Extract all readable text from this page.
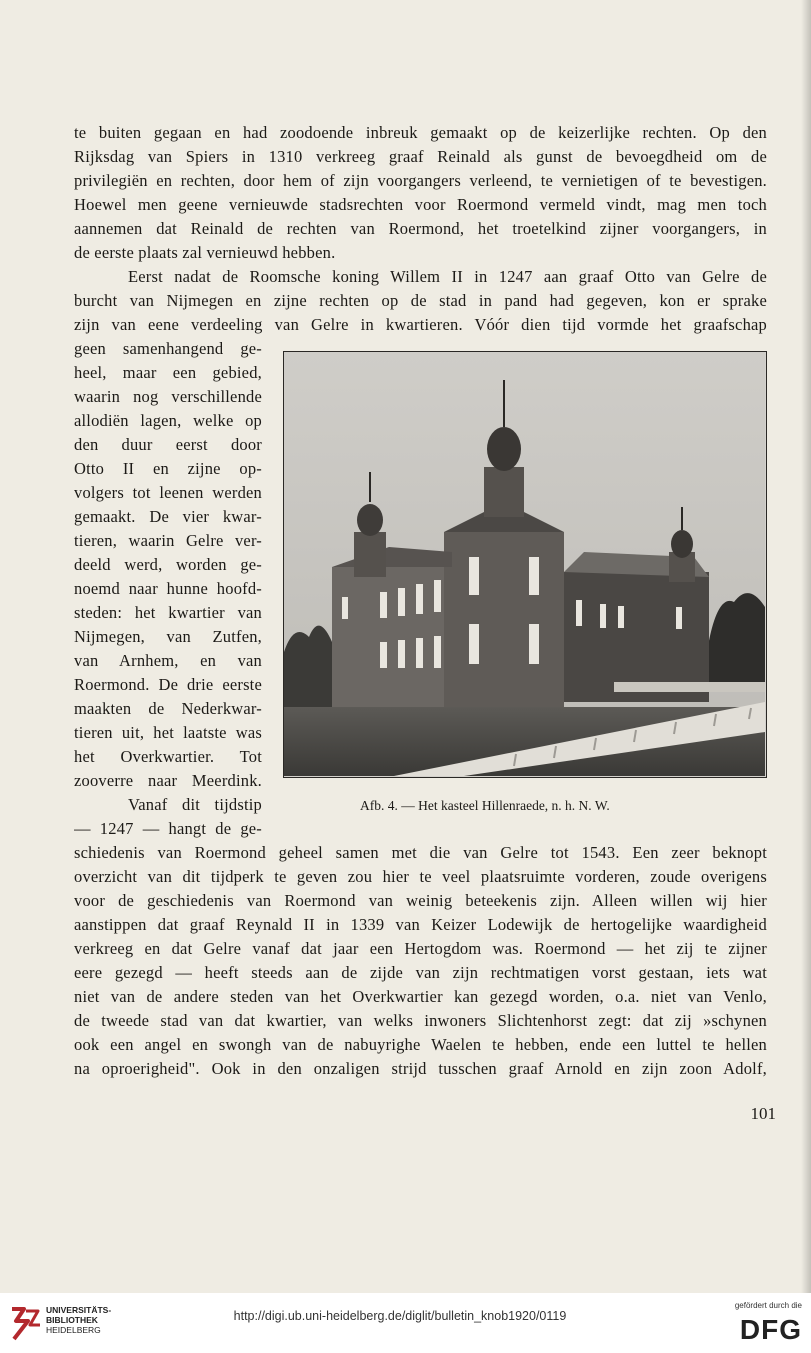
te buiten gegaan en had zoodoende inbreuk gemaakt op de keizerlijke rechten. Op den
Rijksdag van Spiers in 1310 verkreeg graaf Reinald als gunst de bevoegdheid om de
privilegiën en rechten, door hem of zijn voorgangers verleend, te vernietigen of te bevestigen.
Hoewel men geene vernieuwde stadsrechten voor Roermond vermeld vindt, mag men toch
aannemen dat Reinald de rechten van Roermond, het troetelkind zijner voorgangers, in
de eerste plaats zal vernieuwd hebben.
Eerst nadat de Roomsche koning Willem II in 1247 aan graaf Otto van Gelre de
burcht van Nijmegen en zijne rechten op de stad in pand had gegeven, kon er sprake
zijn van eene verdeeling van Gelre in kwartieren. Vóór dien tijd vormde het graafschap
geen samenhangend ge-
heel, maar een gebied,
waarin nog verschillende
allodiën lagen, welke op
den duur eerst door
Otto II en zijne op-
volgers tot leenen werden
gemaakt. De vier kwar-
tieren, waarin Gelre ver-
deeld werd, worden ge-
noemd naar hunne hoofd-
steden: het kwartier van
Nijmegen, van Zutfen,
van Arnhem, en van
Roermond. De drie eerste
maakten de Nederkwar-
tieren uit, het laatste was
het Overkwartier. Tot
zooverre naar Meerdink.
Vanaf dit tijdstip
— 1247 — hangt de ge-
schiedenis van Roermond geheel samen met die van Gelre tot 1543. Een zeer beknopt
overzicht van dit tijdperk te geven zou hier te veel plaatsruimte vorderen, zoude overigens
voor de geschiedenis van Roermond van weinig beteekenis zijn. Alleen willen wij hier
aanstippen dat graaf Reynald II in 1339 van Keizer Lodewijk de hertogelijke waardigheid
verkreeg en dat Gelre vanaf dat jaar een Hertogdom was. Roermond — het zij te zijner
eere gezegd — heeft steeds aan de zijde van zijn rechtmatigen vorst gestaan, iets wat
niet van de andere steden van het Overkwartier kan gezegd worden, o.a. niet van Venlo,
de tweede stad van dat kwartier, van welks inwoners Slichtenhorst zegt: dat zij »schynen
ook een angel en swongh van de nabuyrighe Waelen te hebben, ende een luttel te hellen
na oproerigheid". Ook in den onzaligen strijd tusschen graaf Arnold en zijn zoon Adolf,
Afb. 4. — Het kasteel Hillenraede, n. h. N. W.
101
UNIVERSITÄTS-
BIBLIOTHEK
HEIDELBERG
http://digi.ub.uni-heidelberg.de/diglit/bulletin_knob1920/0119
gefördert durch die
DFG
